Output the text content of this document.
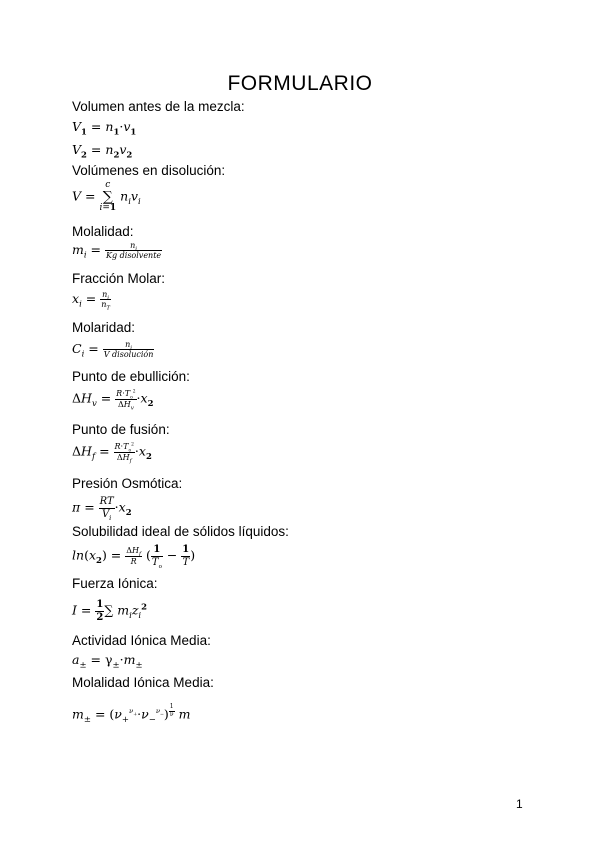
FORMULARIO
Volumen antes de la mezcla:
$V_1 = n_1\cdot v_1$
$V_2 = n_2v_2$
Volúmenes en disolución:
V = c
∑
i=1 $n_iv_i$
Molalidad:
$m_i = \frac{n_i}{\text{Kg disolvente}}$
Fracción Molar:
$x_i = \frac{n_i}{n_T}$
Molaridad:
$C_i = \frac{n_i}{\text{V disolución}}$
Punto de ebullición:
$\Delta H_v = \frac{R\cdot T_o^2}{\Delta H_v} \cdot x_2$
Punto de fusión:
$\Delta H_f = \frac{R\cdot T_o^2}{\Delta H_f} \cdot x_2$
Presión Osmótica:
$\pi = \frac{RT}{V_i} \cdot x_2$
Solubilidad ideal de sólidos líquidos:
$\ln(x_2) = \frac{\Delta H_f}{R}$ ( $\frac{1}{T_o} - \frac{1}{T}$ )
Fuerza Iónica:
$I = \frac{1}{2}$ ∑ $m_iz_i^2$
Actividad Iónica Media:
$a_\pm = \gamma_\pm\cdot m_\pm$
Molalidad Iónica Media:
$m_\pm = (\nu_+^{\nu_+}\cdot\nu_-^{\nu_-})$ $^{\frac{1}{\nu}}$ m
1
